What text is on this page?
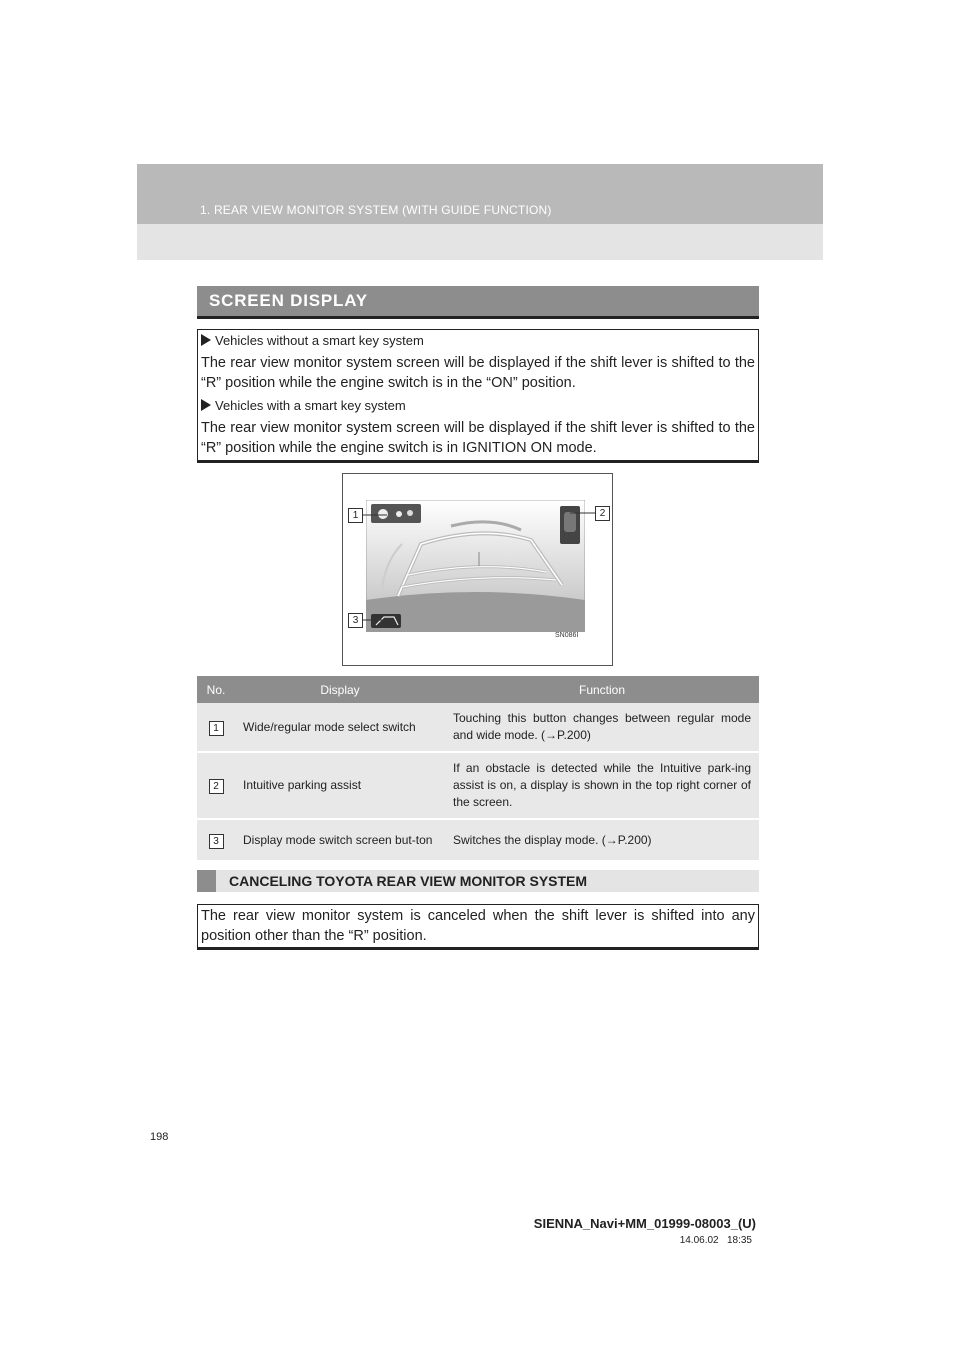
1. REAR VIEW MONITOR SYSTEM (WITH GUIDE FUNCTION)
SCREEN DISPLAY
Vehicles without a smart key system
The rear view monitor system screen will be displayed if the shift lever is shifted to the “R” position while the engine switch is in the “ON” position.
Vehicles with a smart key system
The rear view monitor system screen will be displayed if the shift lever is shifted to the “R” position while the engine switch is in IGNITION ON mode.
1	2
3
SN086I
No.	Display	Function
1	Wide/regular mode select switch	Touching this button changes between regular mode and wide mode. (→P.200)
2	Intuitive parking assist	If an obstacle is detected while the Intuitive park-ing assist is on, a display is shown in the top right corner of the screen.
3	Display mode switch screen but-ton	Switches the display mode. (→P.200)
CANCELING TOYOTA REAR VIEW MONITOR SYSTEM
The rear view monitor system is canceled when the shift lever is shifted into any position other than the “R” position.
198
SIENNA_Navi+MM_01999-08003_(U)
14.06.02 18:35
